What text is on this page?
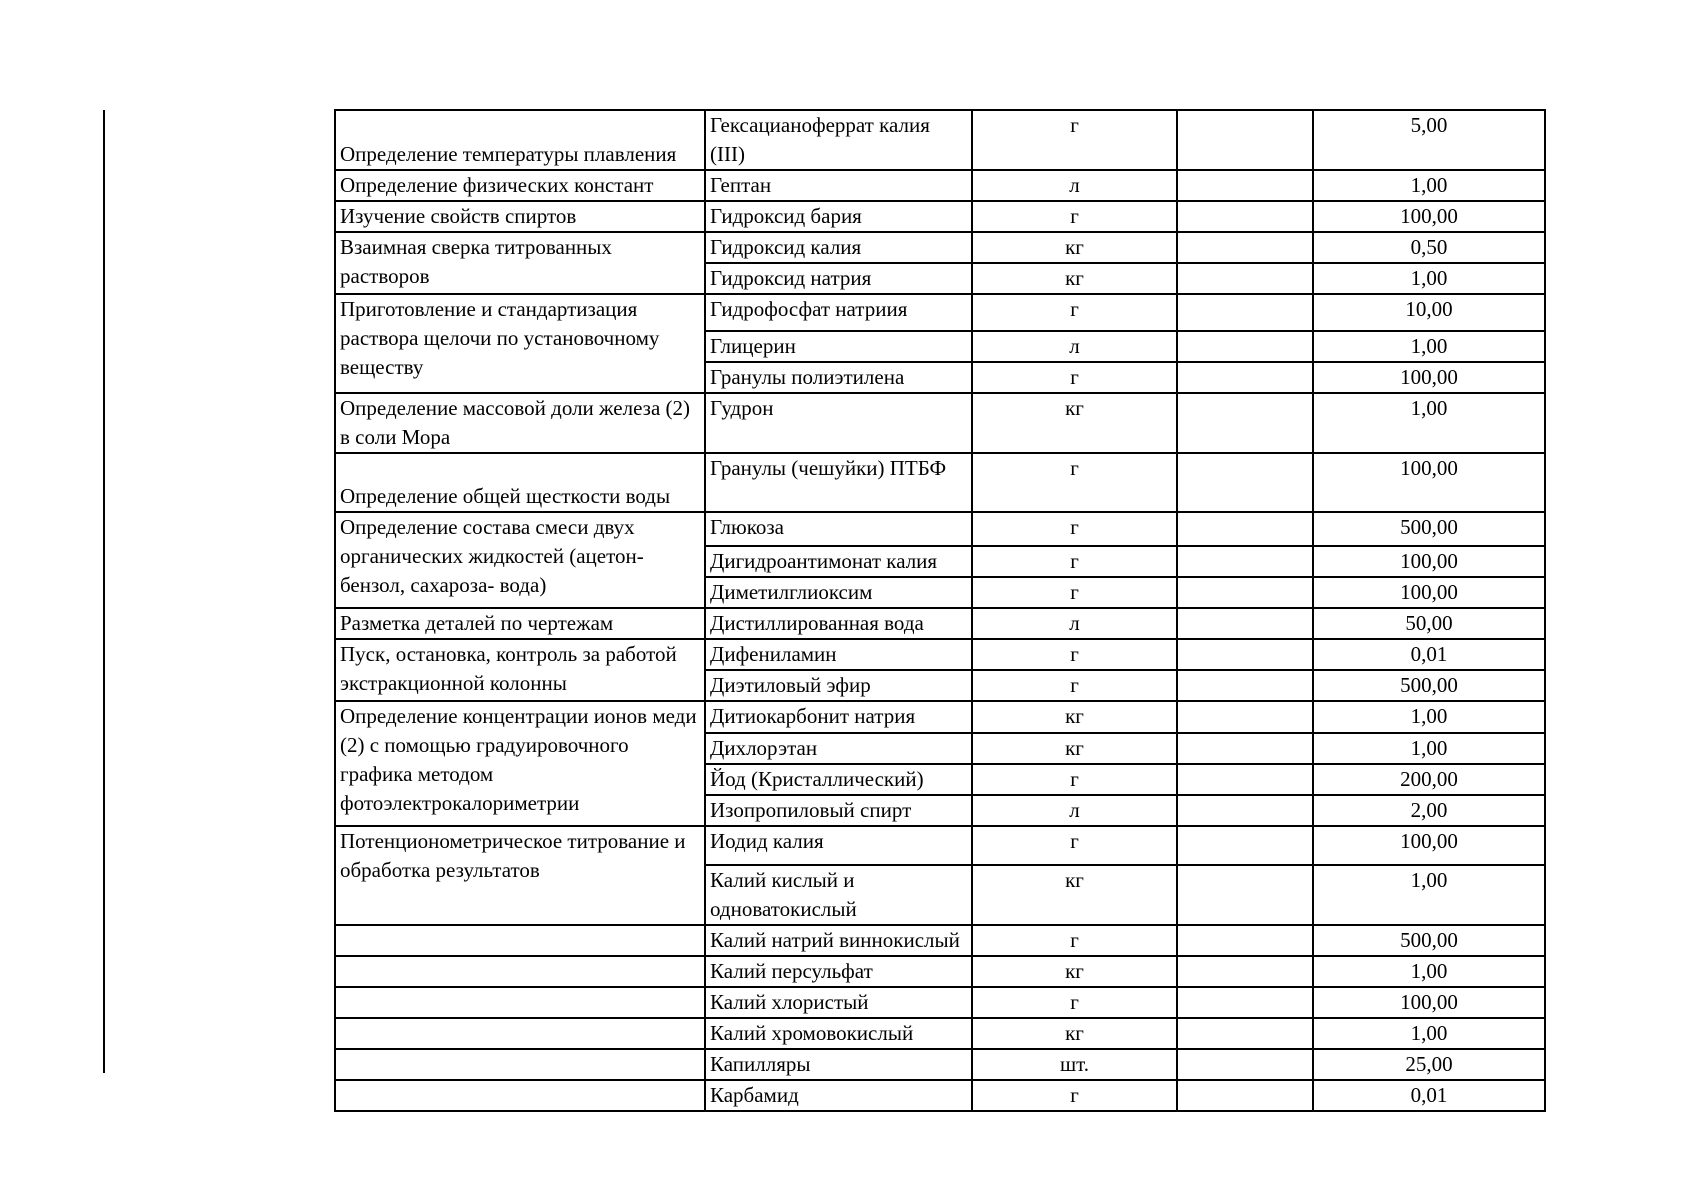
Определение температуры плавления	Гексацианоферрат калия (III)	г		5,00
Определение физических констант	Гептан	л		1,00
Изучение свойств спиртов	Гидроксид бария	г		100,00
Взаимная сверка титрованных растворов	Гидроксид калия	кг		0,50
	Гидроксид натрия	кг		1,00
Приготовление и стандартизация раствора щелочи по установочному веществу	Гидрофосфат натриия	г		10,00
	Глицерин	л		1,00
	Гранулы полиэтилена	г		100,00
Определение массовой доли железа (2) в соли Мора	Гудрон	кг		1,00
Определение общей щесткости воды	Гранулы (чешуйки) ПТБФ	г		100,00
Определение состава смеси двух органических жидкостей (ацетон-бензол, сахароза- вода)	Глюкоза	г		500,00
	Дигидроантимонат калия	г		100,00
	Диметилглиоксим	г		100,00
Разметка деталей по чертежам	Дистиллированная вода	л		50,00
Пуск, остановка, контроль за работой экстракционной колонны	Дифениламин	г		0,01
	Диэтиловый эфир	г		500,00
Определение концентрации ионов меди (2) с помощью градуировочного графика методом фотоэлектрокалориметрии	Дитиокарбонит натрия	кг		1,00
	Дихлорэтан	кг		1,00
	Йод (Кристаллический)	г		200,00
	Изопропиловый спирт	л		2,00
Потенционометрическое титрование и обработка результатов	Иодид калия	г		100,00
	Калий кислый и одноватокислый	кг		1,00
	Калий натрий виннокислый	г		500,00
	Калий персульфат	кг		1,00
	Калий хлористый	г		100,00
	Калий хромовокислый	кг		1,00
	Капилляры	шт.		25,00
	Карбамид	г		0,01
